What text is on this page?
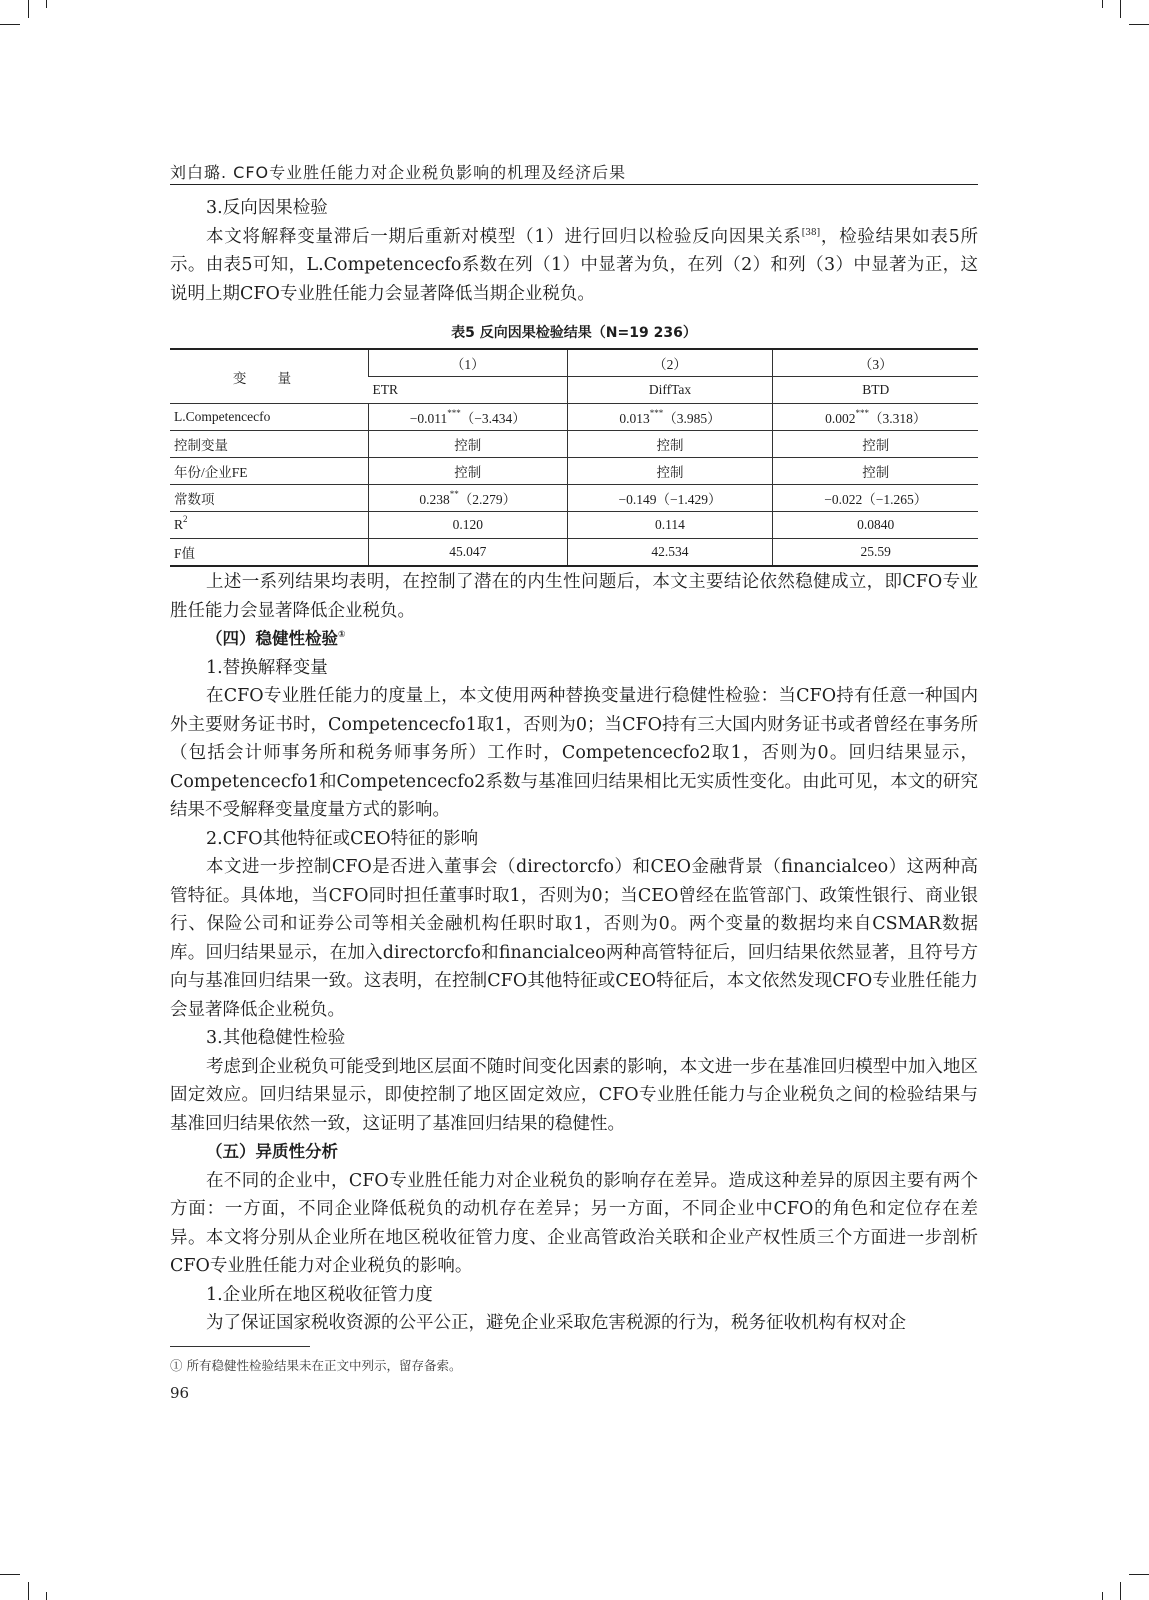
刘白璐. CFO专业胜任能力对企业税负影响的机理及经济后果

3.反向因果检验

本文将解释变量滞后一期后重新对模型（1）进行回归以检验反向因果关系[38]，检验结果如表5所示。由表5可知，L.Competencecfo系数在列（1）中显著为负，在列（2）和列（3）中显著为正，这说明上期CFO专业胜任能力会显著降低当期企业税负。

表5 反向因果检验结果（N=19 236）
变 量	（1）	（2）	（3）
	ETR	DiffTax	BTD
L.Competencecfo	−0.011***（−3.434）	0.013***（3.985）	0.002***（3.318）
控制变量	控制	控制	控制
年份/企业FE	控制	控制	控制
常数项	0.238**（2.279）	−0.149（−1.429）	−0.022（−1.265）
$R^2$	0.120	0.114	0.0840
F值	45.047	42.534	25.59

上述一系列结果均表明，在控制了潜在的内生性问题后，本文主要结论依然稳健成立，即CFO专业胜任能力会显著降低企业税负。

（四）稳健性检验①

1.替换解释变量

在CFO专业胜任能力的度量上，本文使用两种替换变量进行稳健性检验：当CFO持有任意一种国内外主要财务证书时，Competencecfo1取1，否则为0；当CFO持有三大国内财务证书或者曾经在事务所（包括会计师事务所和税务师事务所）工作时，Competencecfo2取1，否则为0。回归结果显示，Competencecfo1和Competencecfo2系数与基准回归结果相比无实质性变化。由此可见，本文的研究结果不受解释变量度量方式的影响。

2.CFO其他特征或CEO特征的影响

本文进一步控制CFO是否进入董事会（directorcfo）和CEO金融背景（financialceo）这两种高管特征。具体地，当CFO同时担任董事时取1，否则为0；当CEO曾经在监管部门、政策性银行、商业银行、保险公司和证券公司等相关金融机构任职时取1，否则为0。两个变量的数据均来自CSMAR数据库。回归结果显示，在加入directorcfo和financialceo两种高管特征后，回归结果依然显著，且符号方向与基准回归结果一致。这表明，在控制CFO其他特征或CEO特征后，本文依然发现CFO专业胜任能力会显著降低企业税负。

3.其他稳健性检验

考虑到企业税负可能受到地区层面不随时间变化因素的影响，本文进一步在基准回归模型中加入地区固定效应。回归结果显示，即使控制了地区固定效应，CFO专业胜任能力与企业税负之间的检验结果与基准回归结果依然一致，这证明了基准回归结果的稳健性。

（五）异质性分析

在不同的企业中，CFO专业胜任能力对企业税负的影响存在差异。造成这种差异的原因主要有两个方面：一方面，不同企业降低税负的动机存在差异；另一方面，不同企业中CFO的角色和定位存在差异。本文将分别从企业所在地区税收征管力度、企业高管政治关联和企业产权性质三个方面进一步剖析CFO专业胜任能力对企业税负的影响。

1.企业所在地区税收征管力度

为了保证国家税收资源的公平公正，避免企业采取危害税源的行为，税务征收机构有权对企

① 所有稳健性检验结果未在正文中列示，留存备索。
96
